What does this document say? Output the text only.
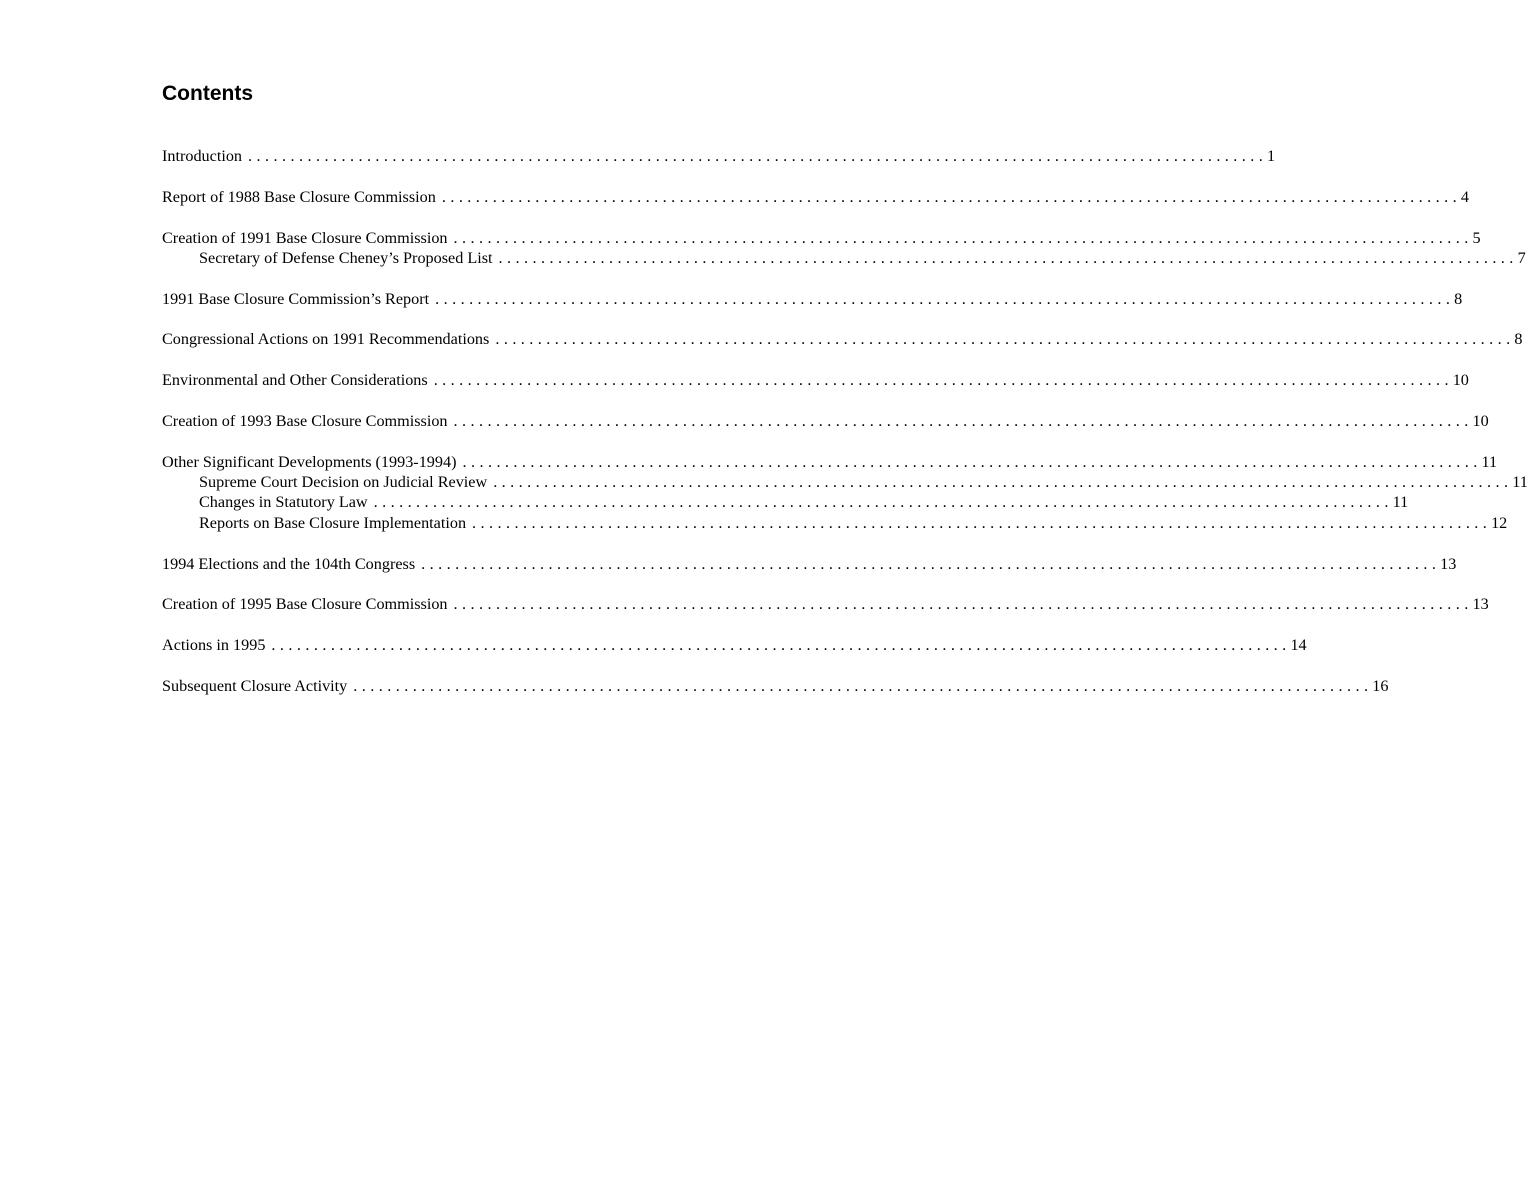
Contents
Introduction . . . . . . . . . . . . . . . . . . . . . . . . . . . . . . . . . . . . . . . . . . . . . . . . . . . . . . . . . . . . . . . . . . . . . . . . . . . . . . . . . . . . . . . . . . . . . . . . . . . . . . . . . . . . . . . . . . . . . . . . 1
Report of 1988 Base Closure Commission . . . . . . . . . . . . . . . . . . . . . . . . . . . . . . . . . . . . . . . . . . . . . . . . . . . . . . . . . . . . . . . . . . . . . . . . . . . . . . . . . . . . . . . . . . . . . . . . . . . . . . . . . . . . . . . . . . . . . . . . 4
Creation of 1991 Base Closure Commission . . . . . . . . . . . . . . . . . . . . . . . . . . . . . . . . . . . . . . . . . . . . . . . . . . . . . . . . . . . . . . . . . . . . . . . . . . . . . . . . . . . . . . . . . . . . . . . . . . . . . . . . . . . . . . . . . . . . . . . . 5
Secretary of Defense Cheney’s Proposed List . . . . . . . . . . . . . . . . . . . . . . . . . . . . . . . . . . . . . . . . . . . . . . . . . . . . . . . . . . . . . . . . . . . . . . . . . . . . . . . . . . . . . . . . . . . . . . . . . . . . . . . . . . . . . . . . . . . . . . . . 7
1991 Base Closure Commission’s Report . . . . . . . . . . . . . . . . . . . . . . . . . . . . . . . . . . . . . . . . . . . . . . . . . . . . . . . . . . . . . . . . . . . . . . . . . . . . . . . . . . . . . . . . . . . . . . . . . . . . . . . . . . . . . . . . . . . . . . . . 8
Congressional Actions on 1991 Recommendations . . . . . . . . . . . . . . . . . . . . . . . . . . . . . . . . . . . . . . . . . . . . . . . . . . . . . . . . . . . . . . . . . . . . . . . . . . . . . . . . . . . . . . . . . . . . . . . . . . . . . . . . . . . . . . . . . . . . . . . . 8
Environmental and Other Considerations . . . . . . . . . . . . . . . . . . . . . . . . . . . . . . . . . . . . . . . . . . . . . . . . . . . . . . . . . . . . . . . . . . . . . . . . . . . . . . . . . . . . . . . . . . . . . . . . . . . . . . . . . . . . . . . . . . . . . . . . 10
Creation of 1993 Base Closure Commission . . . . . . . . . . . . . . . . . . . . . . . . . . . . . . . . . . . . . . . . . . . . . . . . . . . . . . . . . . . . . . . . . . . . . . . . . . . . . . . . . . . . . . . . . . . . . . . . . . . . . . . . . . . . . . . . . . . . . . . . 10
Other Significant Developments (1993-1994) . . . . . . . . . . . . . . . . . . . . . . . . . . . . . . . . . . . . . . . . . . . . . . . . . . . . . . . . . . . . . . . . . . . . . . . . . . . . . . . . . . . . . . . . . . . . . . . . . . . . . . . . . . . . . . . . . . . . . . . . 11
Supreme Court Decision on Judicial Review . . . . . . . . . . . . . . . . . . . . . . . . . . . . . . . . . . . . . . . . . . . . . . . . . . . . . . . . . . . . . . . . . . . . . . . . . . . . . . . . . . . . . . . . . . . . . . . . . . . . . . . . . . . . . . . . . . . . . . . . 11
Changes in Statutory Law . . . . . . . . . . . . . . . . . . . . . . . . . . . . . . . . . . . . . . . . . . . . . . . . . . . . . . . . . . . . . . . . . . . . . . . . . . . . . . . . . . . . . . . . . . . . . . . . . . . . . . . . . . . . . . . . . . . . . . . . 11
Reports on Base Closure Implementation . . . . . . . . . . . . . . . . . . . . . . . . . . . . . . . . . . . . . . . . . . . . . . . . . . . . . . . . . . . . . . . . . . . . . . . . . . . . . . . . . . . . . . . . . . . . . . . . . . . . . . . . . . . . . . . . . . . . . . . . 12
1994 Elections and the 104th Congress . . . . . . . . . . . . . . . . . . . . . . . . . . . . . . . . . . . . . . . . . . . . . . . . . . . . . . . . . . . . . . . . . . . . . . . . . . . . . . . . . . . . . . . . . . . . . . . . . . . . . . . . . . . . . . . . . . . . . . . . 13
Creation of 1995 Base Closure Commission . . . . . . . . . . . . . . . . . . . . . . . . . . . . . . . . . . . . . . . . . . . . . . . . . . . . . . . . . . . . . . . . . . . . . . . . . . . . . . . . . . . . . . . . . . . . . . . . . . . . . . . . . . . . . . . . . . . . . . . . 13
Actions in 1995 . . . . . . . . . . . . . . . . . . . . . . . . . . . . . . . . . . . . . . . . . . . . . . . . . . . . . . . . . . . . . . . . . . . . . . . . . . . . . . . . . . . . . . . . . . . . . . . . . . . . . . . . . . . . . . . . . . . . . . . . 14
Subsequent Closure Activity . . . . . . . . . . . . . . . . . . . . . . . . . . . . . . . . . . . . . . . . . . . . . . . . . . . . . . . . . . . . . . . . . . . . . . . . . . . . . . . . . . . . . . . . . . . . . . . . . . . . . . . . . . . . . . . . . . . . . . . . 16
